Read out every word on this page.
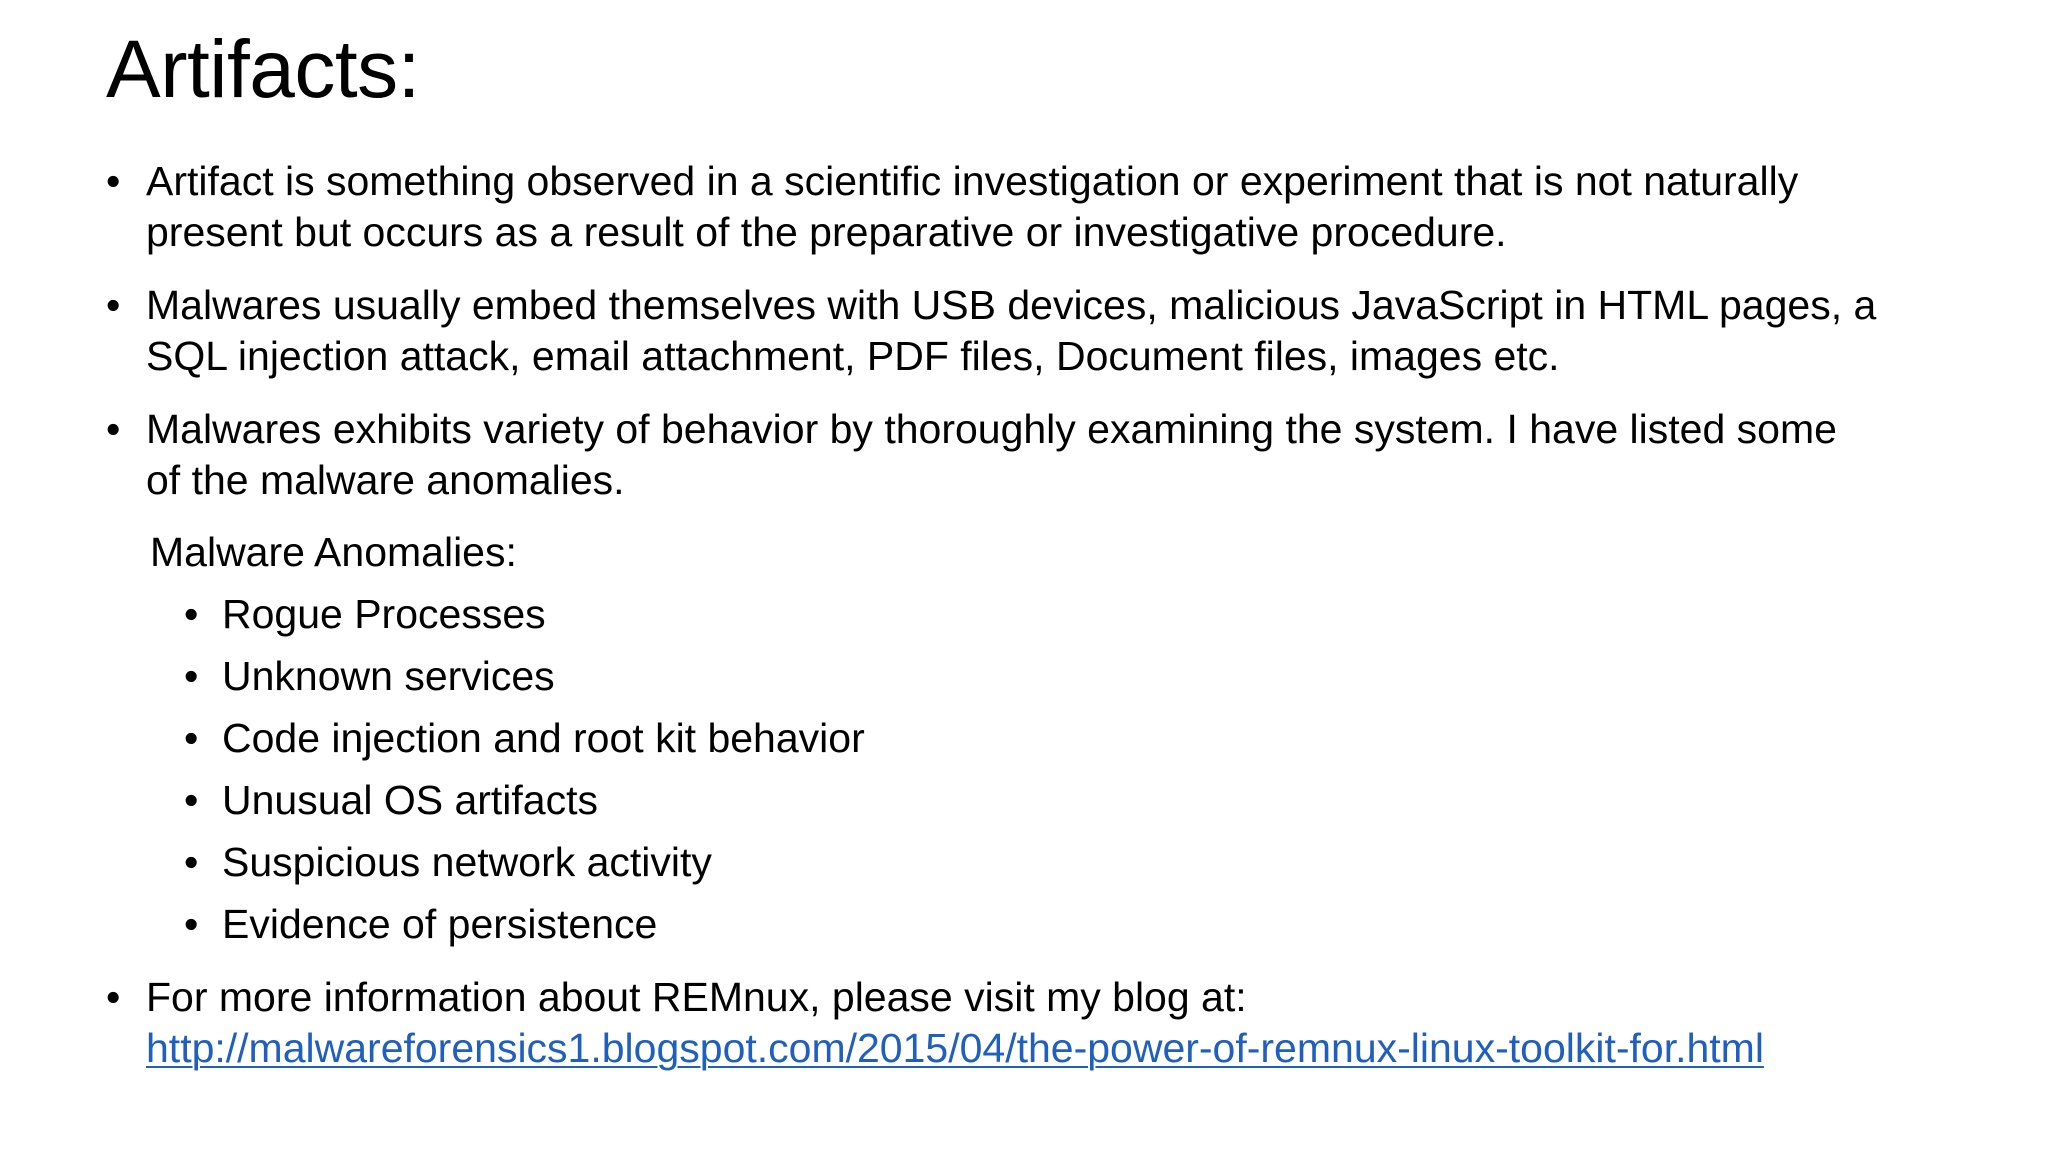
Artifacts:
• Artifact is something observed in a scientific investigation or experiment that is not naturally
present but occurs as a result of the preparative or investigative procedure.
• Malwares usually embed themselves with USB devices, malicious JavaScript in HTML pages, a
SQL injection attack, email attachment, PDF files, Document files, images etc.
• Malwares exhibits variety of behavior by thoroughly examining the system. I have listed some
of the malware anomalies.
Malware Anomalies:
• Rogue Processes
• Unknown services
• Code injection and root kit behavior
• Unusual OS artifacts
• Suspicious network activity
• Evidence of persistence
• For more information about REMnux, please visit my blog at:
http://malwareforensics1.blogspot.com/2015/04/the-power-of-remnux-linux-toolkit-for.html
